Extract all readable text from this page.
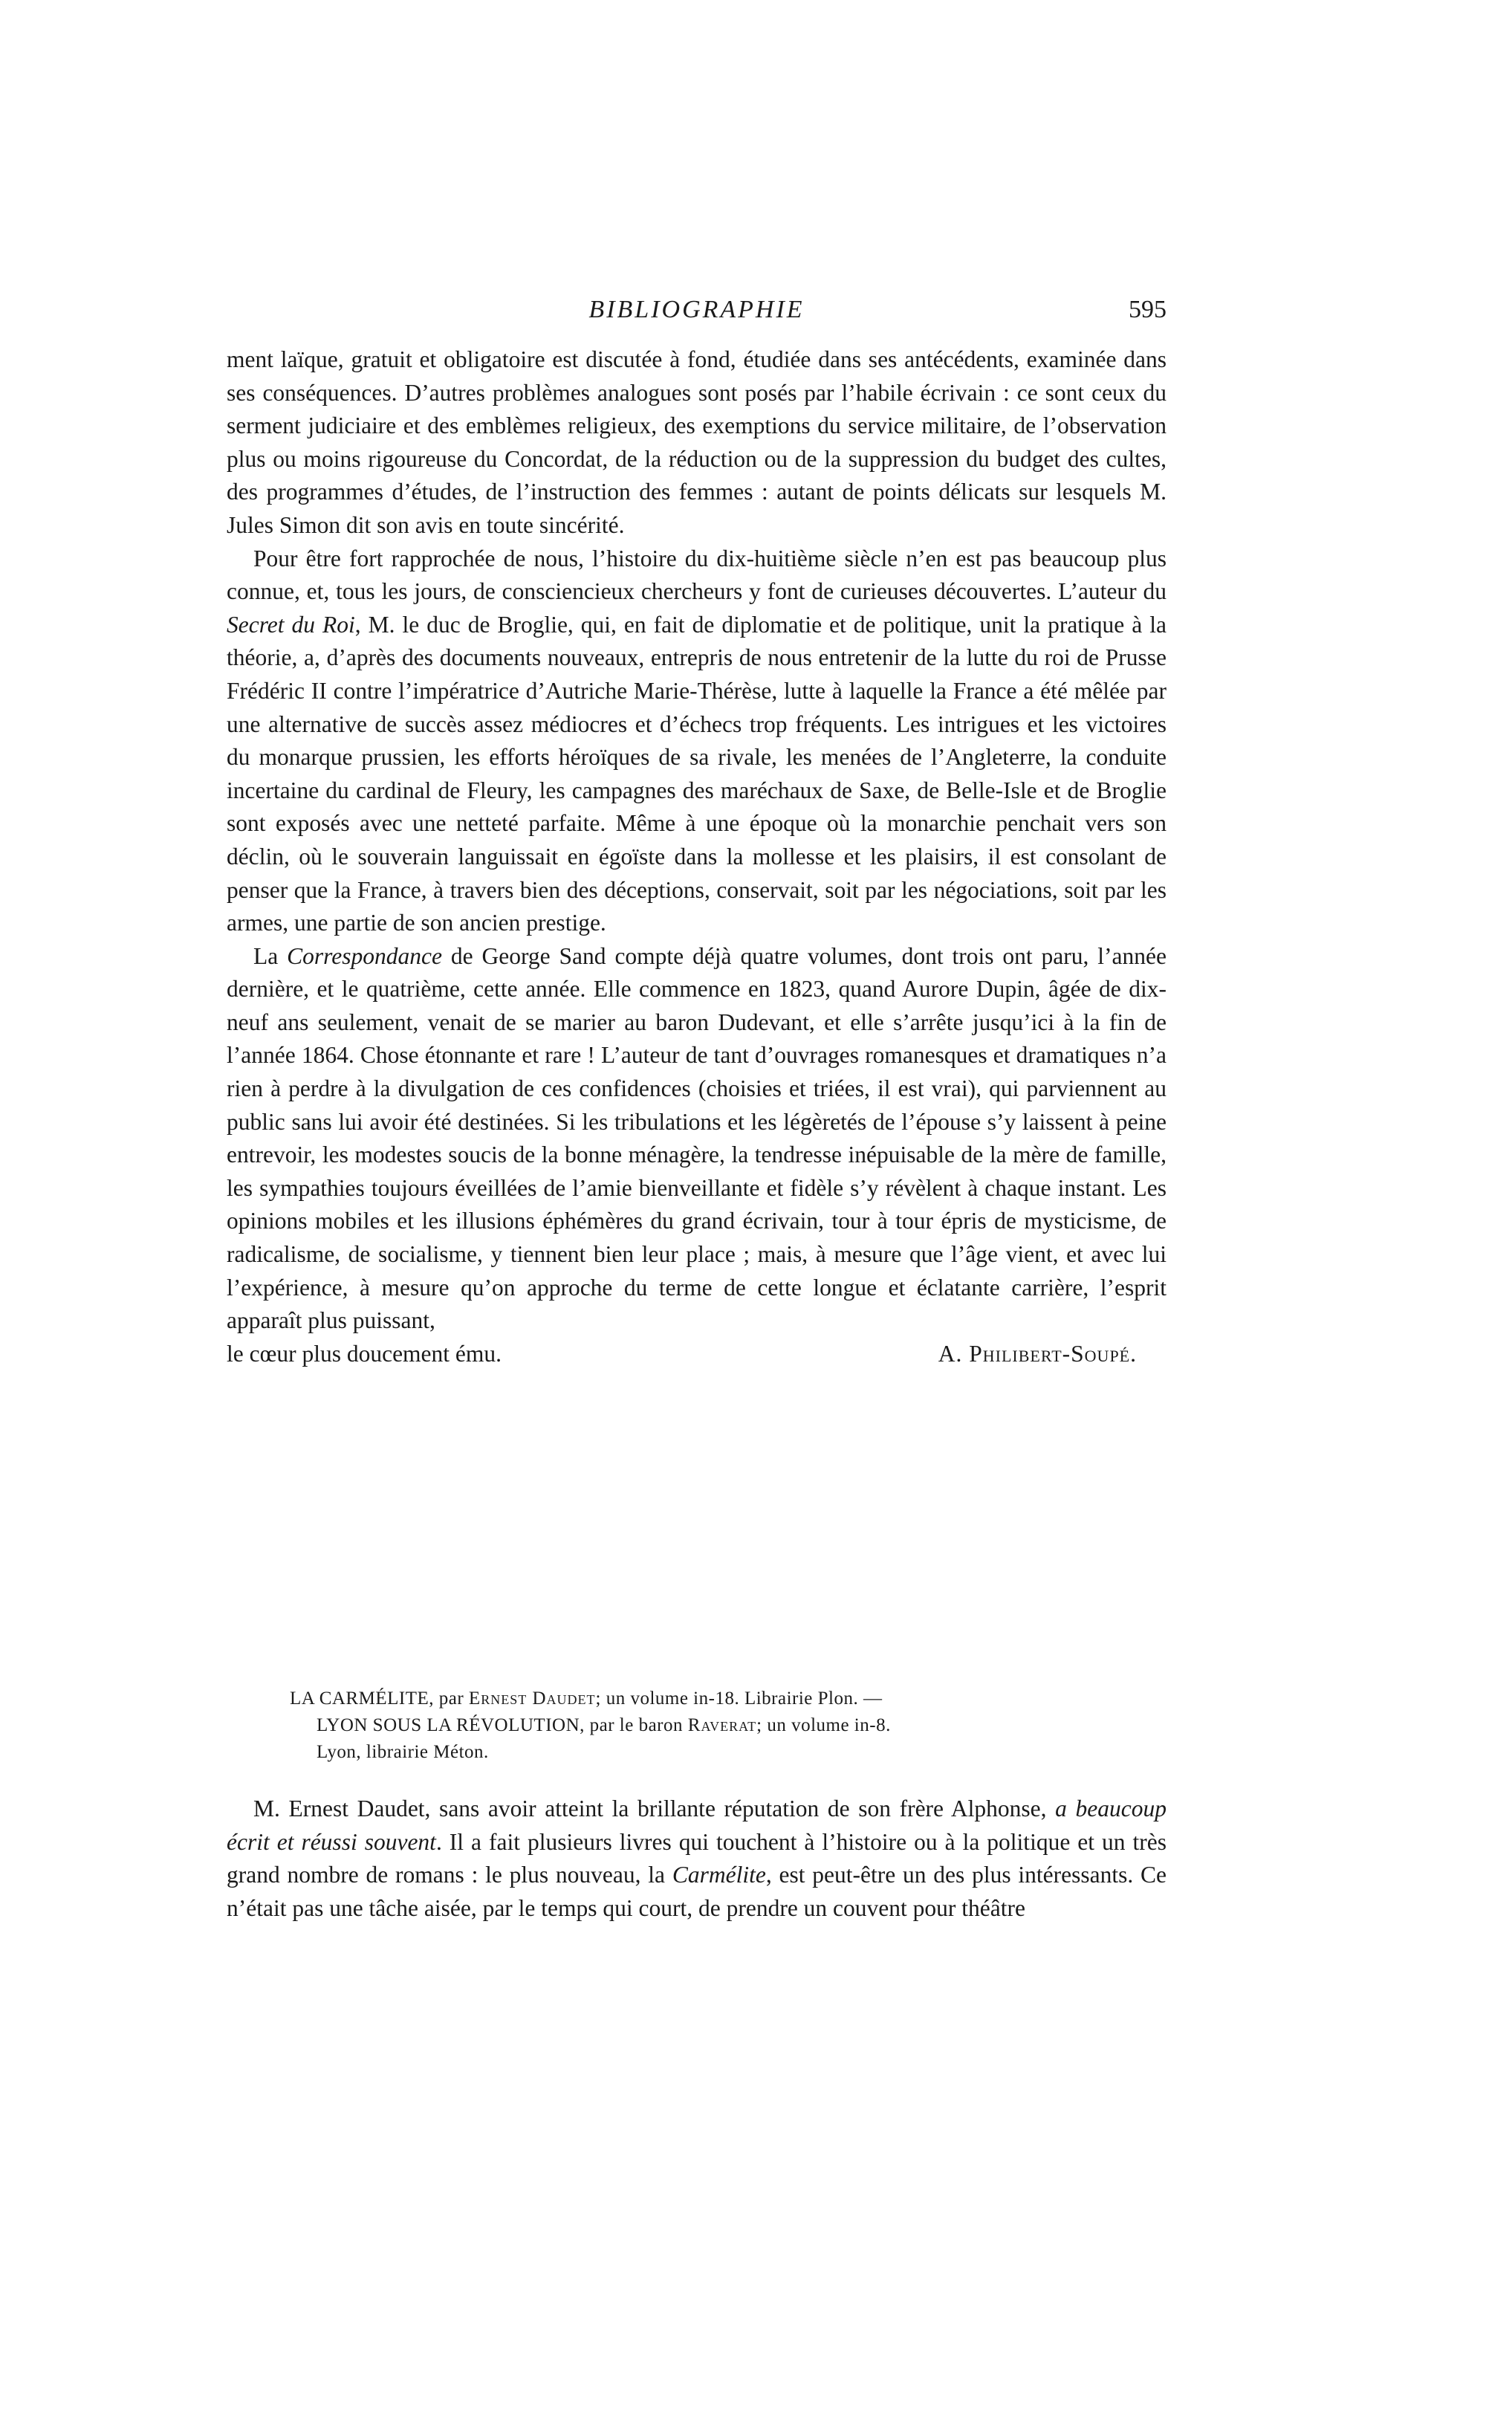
BIBLIOGRAPHIE	595

ment laïque, gratuit et obligatoire est discutée à fond, étudiée dans ses antécédents, examinée dans ses conséquences. D’autres problèmes analogues sont posés par l’habile écrivain : ce sont ceux du serment judiciaire et des emblèmes religieux, des exemptions du service militaire, de l’observation plus ou moins rigoureuse du Concordat, de la réduction ou de la suppression du budget des cultes, des programmes d’études, de l’instruction des femmes : autant de points délicats sur lesquels M. Jules Simon dit son avis en toute sincérité.

Pour être fort rapprochée de nous, l’histoire du dix-huitième siècle n’en est pas beaucoup plus connue, et, tous les jours, de consciencieux chercheurs y font de curieuses découvertes. L’auteur du Secret du Roi, M. le duc de Broglie, qui, en fait de diplomatie et de politique, unit la pratique à la théorie, a, d’après des documents nouveaux, entrepris de nous entretenir de la lutte du roi de Prusse Frédéric II contre l’impératrice d’Autriche Marie-Thérèse, lutte à laquelle la France a été mêlée par une alternative de succès assez médiocres et d’échecs trop fréquents. Les intrigues et les victoires du monarque prussien, les efforts héroïques de sa rivale, les menées de l’Angleterre, la conduite incertaine du cardinal de Fleury, les campagnes des maréchaux de Saxe, de Belle-Isle et de Broglie sont exposés avec une netteté parfaite. Même à une époque où la monarchie penchait vers son déclin, où le souverain languissait en égoïste dans la mollesse et les plaisirs, il est consolant de penser que la France, à travers bien des déceptions, conservait, soit par les négociations, soit par les armes, une partie de son ancien prestige.

La Correspondance de George Sand compte déjà quatre volumes, dont trois ont paru, l’année dernière, et le quatrième, cette année. Elle commence en 1823, quand Aurore Dupin, âgée de dix-neuf ans seulement, venait de se marier au baron Dudevant, et elle s’arrête jusqu’ici à la fin de l’année 1864. Chose étonnante et rare ! L’auteur de tant d’ouvrages romanesques et dramatiques n’a rien à perdre à la divulgation de ces confidences (choisies et triées, il est vrai), qui parviennent au public sans lui avoir été destinées. Si les tribulations et les légèretés de l’épouse s’y laissent à peine entrevoir, les modestes soucis de la bonne ménagère, la tendresse inépuisable de la mère de famille, les sympathies toujours éveillées de l’amie bienveillante et fidèle s’y révèlent à chaque instant. Les opinions mobiles et les illusions éphémères du grand écrivain, tour à tour épris de mysticisme, de radicalisme, de socialisme, y tiennent bien leur place ; mais, à mesure que l’âge vient, et avec lui l’expérience, à mesure qu’on approche du terme de cette longue et éclatante carrière, l’esprit apparaît plus puissant,

le cœur plus doucement ému.	A. Philibert-Soupé.
LA CARMÉLITE, par Ernest Daudet; un volume in-18. Librairie Plon. —
LYON SOUS LA RÉVOLUTION, par le baron Raverat; un volume in-8.
Lyon, librairie Méton.

M. Ernest Daudet, sans avoir atteint la brillante réputation de son frère Alphonse, a beaucoup écrit et réussi souvent. Il a fait plusieurs livres qui touchent à l’histoire ou à la politique et un très grand nombre de romans : le plus nouveau, la Carmélite, est peut-être un des plus intéressants. Ce n’était pas une tâche aisée, par le temps qui court, de prendre un couvent pour théâtre
